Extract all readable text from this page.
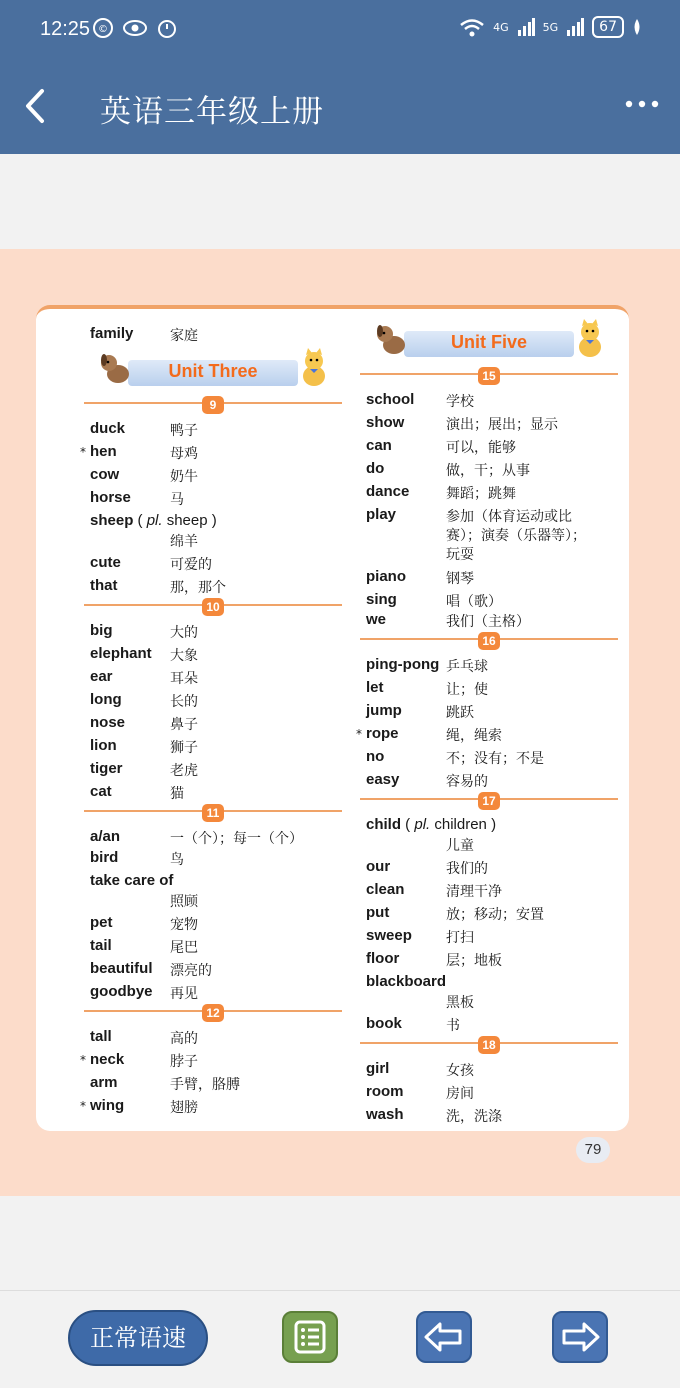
12:25 ©	4G	5G	67
英语三年级上册
family	家庭
Unit Three
9
duck	鸭子
* hen	母鸡
cow	奶牛
horse	马
sheep ( pl. sheep )
绵羊
cute	可爱的
that	那，那个
10
big	大的
elephant 大象
ear	耳朵
long	长的
nose	鼻子
lion	狮子
tiger	老虎
cat	猫
11
a/an	一（个）；每一（个）
bird	鸟
take care of
照顾
pet	宠物
tail	尾巴
beautiful 漂亮的
goodbye 再见
12
tall	高的
* neck	脖子
arm	手臂，胳膊
* wing	翅膀
Unit Five
15
school 学校
show	演出；展出；显示
can	可以，能够
do	做，干；从事
dance	舞蹈；跳舞
play	参加（体育运动或比
赛）；演奏（乐器等）；
玩耍
piano	钢琴
sing	唱（歌）
we	我们（主格）
16
ping-pong 乒乓球
let	让；使
jump	跳跃
* rope	绳，绳索
no	不；没有；不是
easy	容易的
17
child ( pl. children )
儿童
our	我们的
clean	清理干净
put	放；移动；安置
sweep 打扫
floor	层；地板
blackboard
黑板
book	书
18
girl	女孩
room	房间
wash	洗，洗涤
79
正常语速
